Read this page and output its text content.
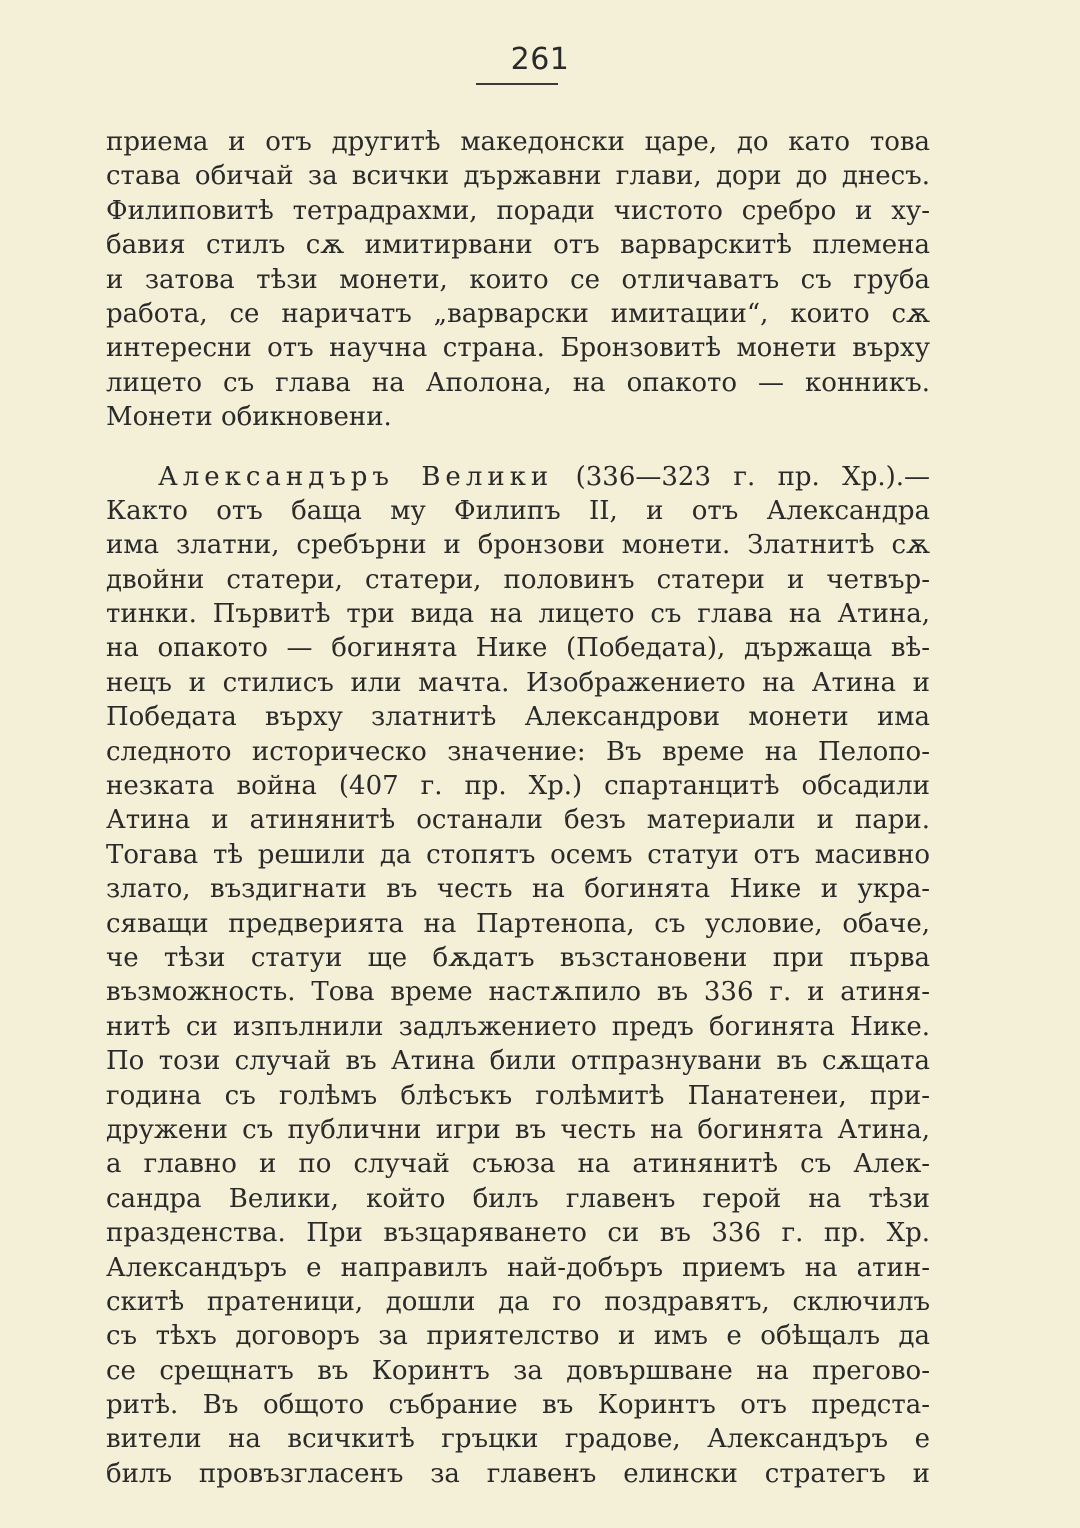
261
приема и отъ другитѣ македонски царе, до като това
става обичай за всички държавни глави, дори до днесъ.
Филиповитѣ тетрадрахми, поради чистото сребро и ху-
бавия стилъ сѫ имитирвани отъ варварскитѣ племена
и затова тѣзи монети, които се отличаватъ съ груба
работа, се наричатъ „варварски имитации“, които сѫ
интересни отъ научна страна. Бронзовитѣ монети върху
лицето съ глава на Аполона, на опакото — конникъ.
Монети обикновени.
Александъръ Велики (336—323 г. пр. Хр.).—
Както отъ баща му Филипъ II, и отъ Александра
има златни, сребърни и бронзови монети. Златнитѣ сѫ
двойни статери, статери, половинъ статери и четвър-
тинки. Първитѣ три вида на лицето съ глава на Атина,
на опакото — богинята Нике (Победата), държаща вѣ-
нецъ и стилисъ или мачта. Изображението на Атина и
Победата върху златнитѣ Александрови монети има
следното историческо значение: Въ време на Пелопо-
незката война (407 г. пр. Хр.) спартанцитѣ обсадили
Атина и атинянитѣ останали безъ материали и пари.
Тогава тѣ решили да стопятъ осемъ статуи отъ масивно
злато, въздигнати въ честь на богинята Нике и укра-
сяващи предверията на Партенопа, съ условие, обаче,
че тѣзи статуи ще бѫдатъ възстановени при първа
възможность. Това време настѫпило въ 336 г. и атиня-
нитѣ си изпълнили задлъжението предъ богинята Нике.
По този случай въ Атина били отпразнувани въ сѫщата
година съ голѣмъ блѣсъкъ голѣмитѣ Панатенеи, при-
дружени съ публични игри въ честь на богинята Атина,
а главно и по случай съюза на атинянитѣ съ Алек-
сандра Велики, който билъ главенъ герой на тѣзи
празденства. При възцаряването си въ 336 г. пр. Хр.
Александъръ е направилъ най-добъръ приемъ на атин-
скитѣ пратеници, дошли да го поздравятъ, сключилъ
съ тѣхъ договоръ за приятелство и имъ е обѣщалъ да
се срещнатъ въ Коринтъ за довършване на прегово-
ритѣ. Въ общото събрание въ Коринтъ отъ предста-
вители на всичкитѣ гръцки градове, Александъръ е
билъ провъзгласенъ за главенъ елински стратегъ и
